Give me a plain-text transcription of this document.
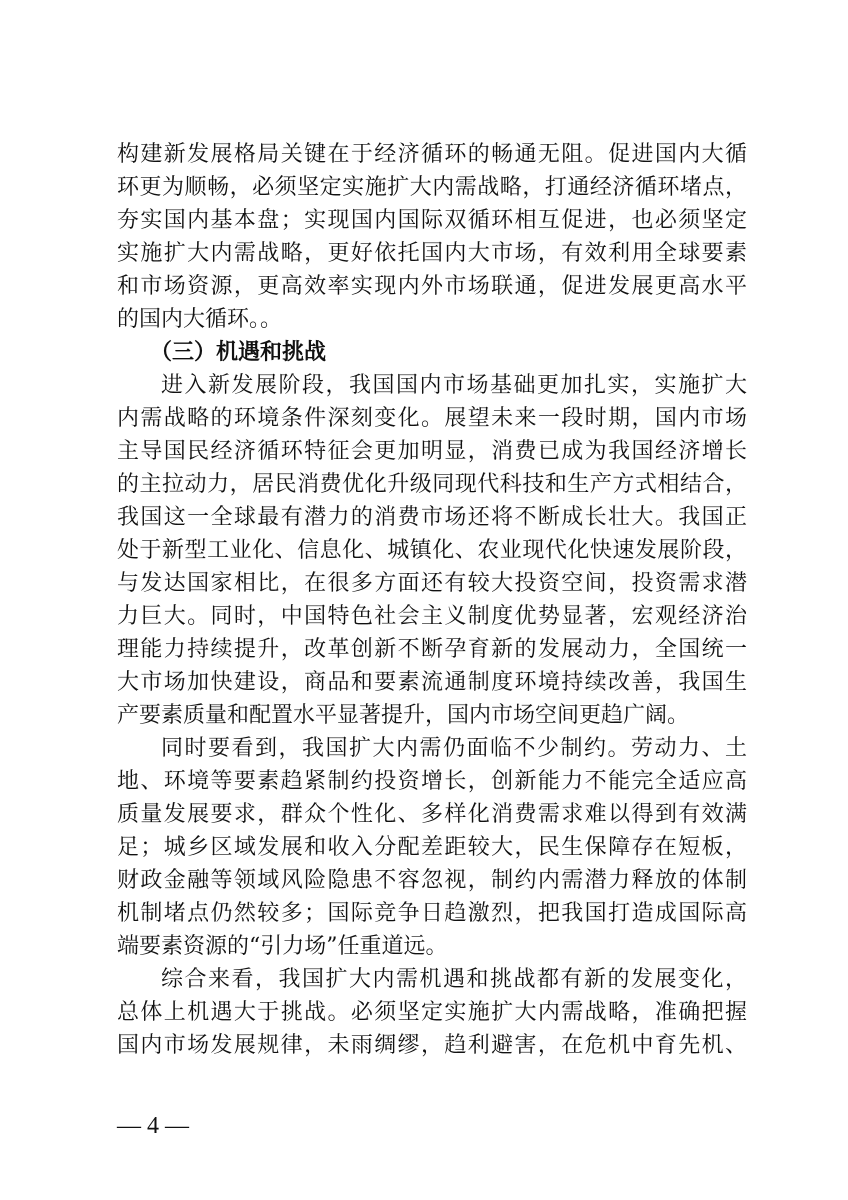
构建新发展格局关键在于经济循环的畅通无阻。促进国内大循
环更为顺畅，必须坚定实施扩大内需战略，打通经济循环堵点，
夯实国内基本盘；实现国内国际双循环相互促进，也必须坚定
实施扩大内需战略，更好依托国内大市场，有效利用全球要素
和市场资源，更高效率实现内外市场联通，促进发展更高水平
的国内大循环。。
（三）机遇和挑战
进入新发展阶段，我国国内市场基础更加扎实，实施扩大
内需战略的环境条件深刻变化。展望未来一段时期，国内市场
主导国民经济循环特征会更加明显，消费已成为我国经济增长
的主拉动力，居民消费优化升级同现代科技和生产方式相结合，
我国这一全球最有潜力的消费市场还将不断成长壮大。我国正
处于新型工业化、信息化、城镇化、农业现代化快速发展阶段，
与发达国家相比，在很多方面还有较大投资空间，投资需求潜
力巨大。同时，中国特色社会主义制度优势显著，宏观经济治
理能力持续提升，改革创新不断孕育新的发展动力，全国统一
大市场加快建设，商品和要素流通制度环境持续改善，我国生
产要素质量和配置水平显著提升，国内市场空间更趋广阔。
同时要看到，我国扩大内需仍面临不少制约。劳动力、土
地、环境等要素趋紧制约投资增长，创新能力不能完全适应高
质量发展要求，群众个性化、多样化消费需求难以得到有效满
足；城乡区域发展和收入分配差距较大，民生保障存在短板，
财政金融等领域风险隐患不容忽视，制约内需潜力释放的体制
机制堵点仍然较多；国际竞争日趋激烈，把我国打造成国际高
端要素资源的“引力场”任重道远。
综合来看，我国扩大内需机遇和挑战都有新的发展变化，
总体上机遇大于挑战。必须坚定实施扩大内需战略，准确把握
国内市场发展规律，未雨绸缪，趋利避害，在危机中育先机、
— 4 —
